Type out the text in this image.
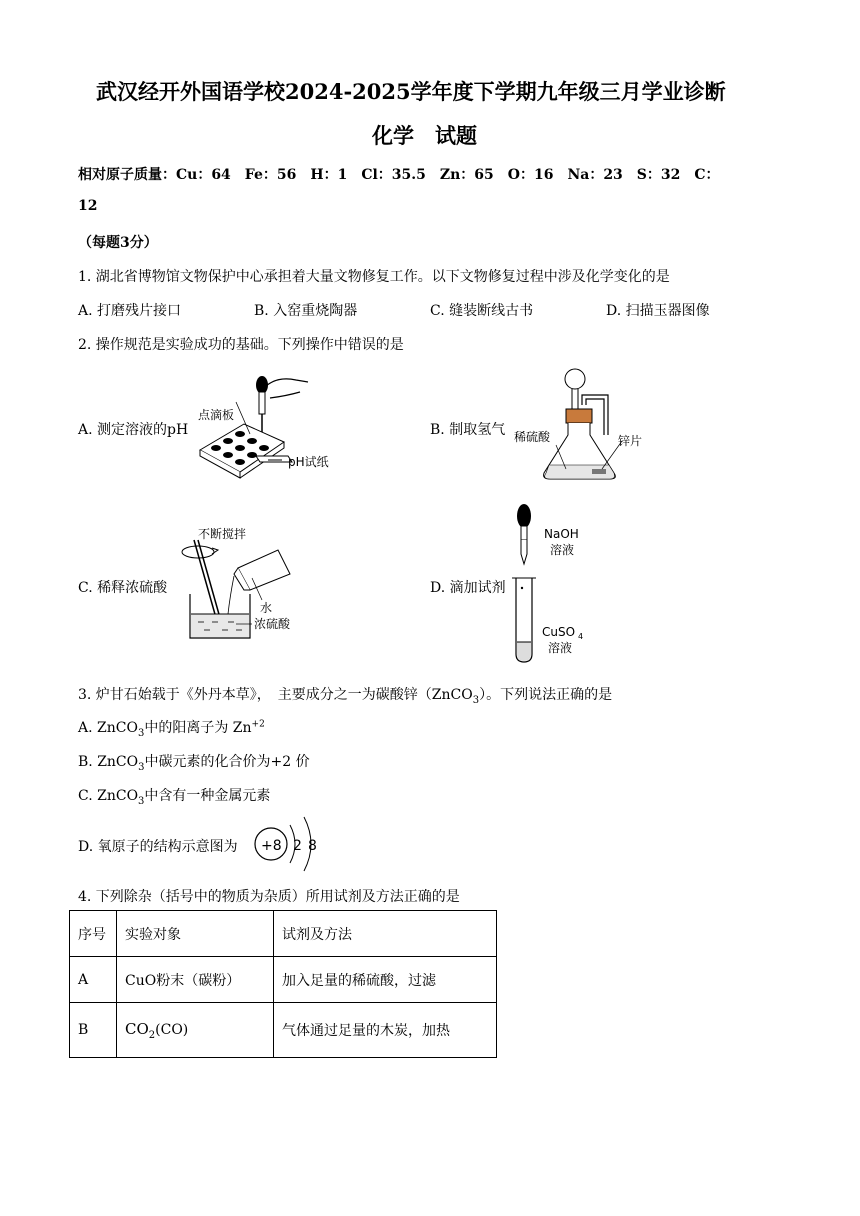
武汉经开外国语学校2024-2025学年度下学期九年级三月学业诊断
化学　试题
相对原子质量：Cu：64　Fe：56　H：1　Cl：35.5　Zn：65　O：16　Na：23　S：32　C：
12
（每题3分）
1. 湖北省博物馆文物保护中心承担着大量文物修复工作。以下文物修复过程中涉及化学变化的是
A. 打磨残片接口	B. 入窑重烧陶器	C. 缝装断线古书	D. 扫描玉器图像
2. 操作规范是实验成功的基础。下列操作中错误的是
A. 测定溶液的pH	B. 制取氢气
C. 稀释浓硫酸	D. 滴加试剂
点滴板
pH试纸
稀硫酸	锌片
不断搅拌
水
浓硫酸
NaOH
溶液
CuSO 4
溶液
3. 炉甘石始载于《外丹本草》，　主要成分之一为碳酸锌（ZnCO$_3$）。下列说法正确的是
A. ZnCO$_3$中的阳离子为 $Zn^{+2}$
B. ZnCO$_3$中碳元素的化合价为+2 价
C. ZnCO$_3$中含有一种金属元素
D. 氧原子的结构示意图为 +8 2 8
4. 下列除杂（括号中的物质为杂质）所用试剂及方法正确的是
序号	实验对象	试剂及方法
A	CuO粉末（碳粉）	加入足量的稀硫酸，过滤
B	$CO_2(CO)$	气体通过足量的木炭，加热
